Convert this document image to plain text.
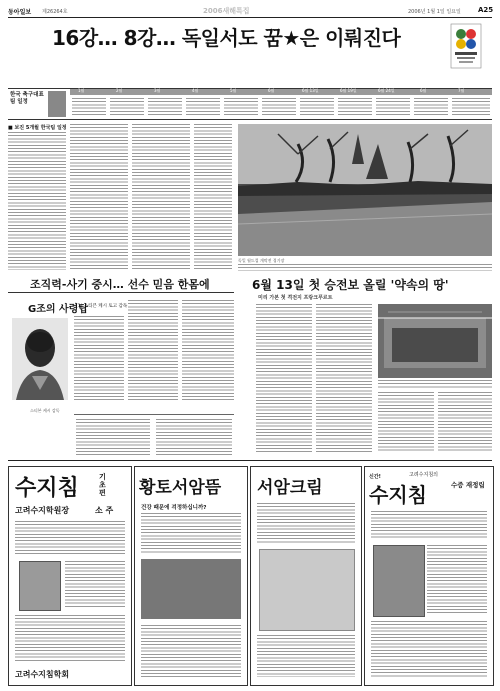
동아일보 제26264호	2006새해특집	2006년 1월 1일 일요일 A25
16강… 8강… 독일서도 꿈★은 이뤄진다
한국 축구대표팀 일정
1월	2월	3월	4월	5월	6월	6월 13일	6월 19일	6월 24일	6월	7월
■ 보진 5개월 한국팀 일정
독일 월드컵 개막전 경기장
6월 13일 첫 승전보 올릴 '약속의 땅'
미리 가본 첫 격전지 프랑크푸르트
조직력-사기 중시… 선수 믿음 한몸에
G조의 사령탑
(1) 스티븐 케시 토고 감독
스티븐 케시 감독
수지침	기초편
고려수지학원장	소 주
고려수지침학회
황토서암뜸
건강 때문에 걱정하십니까?
서암크림
신간!	고려수지침의
수지침	수증 재정립
